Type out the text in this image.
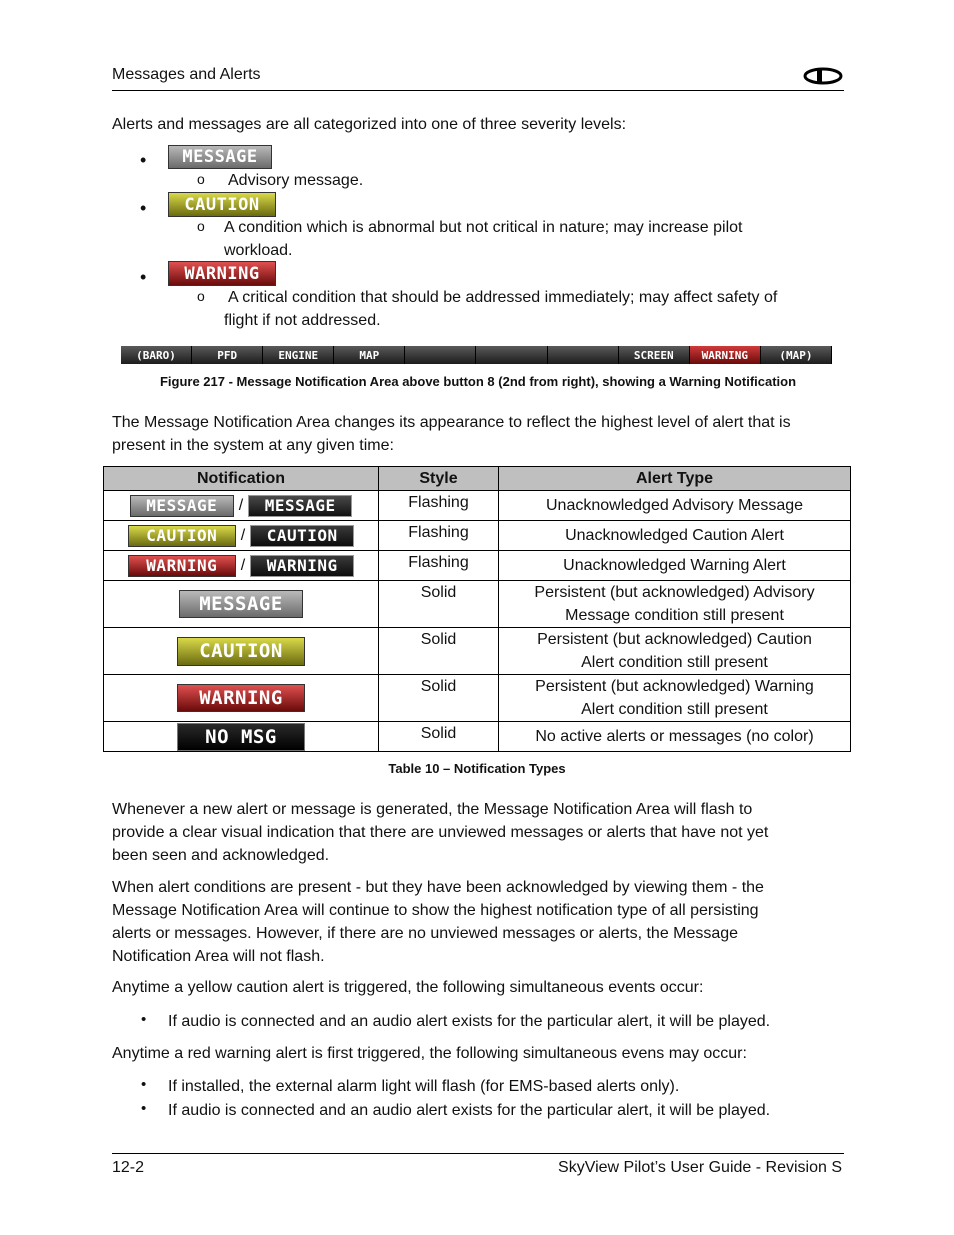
Messages and Alerts
Alerts and messages are all categorized into one of three severity levels:
•	MESSAGE
o Advisory message.
•	CAUTION
o A condition which is abnormal but not critical in nature; may increase pilot
workload.
•	WARNING
o A critical condition that should be addressed immediately; may affect safety of
flight if not addressed.
(BARO)	PFD	ENGINE	MAP	SCREEN	WARNING	(MAP)
Figure 217 - Message Notification Area above button 8 (2nd from right), showing a Warning Notification
The Message Notification Area changes its appearance to reflect the highest level of alert that is
present in the system at any given time:
Notification	Style	Alert Type
MESSAGE / MESSAGE	Flashing	Unacknowledged Advisory Message
CAUTION / CAUTION	Flashing	Unacknowledged Caution Alert
WARNING / WARNING	Flashing	Unacknowledged Warning Alert
MESSAGE	Solid	Persistent (but acknowledged) Advisory
Message condition still present

CAUTION	Solid	Persistent (but acknowledged) Caution
Alert condition still present

WARNING	Solid	Persistent (but acknowledged) Warning
Alert condition still present

NO MSG	Solid	No active alerts or messages (no color)
Table 10 – Notification Types
Whenever a new alert or message is generated, the Message Notification Area will flash to
provide a clear visual indication that there are unviewed messages or alerts that have not yet
been seen and acknowledged.
When alert conditions are present - but they have been acknowledged by viewing them - the
Message Notification Area will continue to show the highest notification type of all persisting
alerts or messages. However, if there are no unviewed messages or alerts, the Message
Notification Area will not flash.
Anytime a yellow caution alert is triggered, the following simultaneous events occur:
• If audio is connected and an audio alert exists for the particular alert, it will be played.
Anytime a red warning alert is first triggered, the following simultaneous evens may occur:
• If installed, the external alarm light will flash (for EMS-based alerts only).
• If audio is connected and an audio alert exists for the particular alert, it will be played.
12-2	SkyView Pilot’s User Guide - Revision S
